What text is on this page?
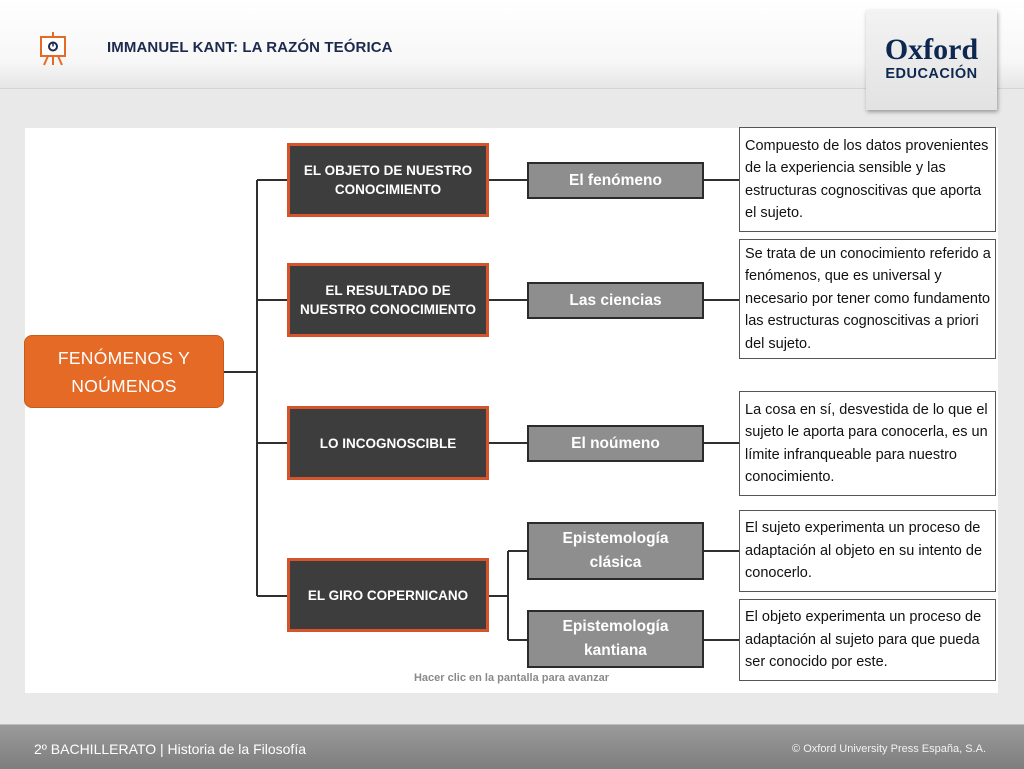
IMMANUEL KANT: LA RAZÓN TEÓRICA	Oxford
EDUCACIÓN
FENÓMENOS Y NOÚMENOS
EL OBJETO DE NUESTRO CONOCIMIENTO
EL RESULTADO DE NUESTRO CONOCIMIENTO
LO INCOGNOSCIBLE
EL GIRO COPERNICANO
El fenómeno
Las ciencias
El noúmeno
Epistemología clásica
Epistemología kantiana
Compuesto de los datos provenientes de la experiencia sensible y las estructuras cognoscitivas que aporta el sujeto.
Se trata de un conocimiento referido a fenómenos, que es universal y necesario por tener como fundamento las estructuras cognoscitivas a priori del sujeto.
La cosa en sí, desvestida de lo que el sujeto le aporta para conocerla, es un límite infranqueable para nuestro conocimiento.
El sujeto experimenta un proceso de adaptación al objeto en su intento de conocerlo.
El objeto experimenta un proceso de adaptación al sujeto para que pueda ser conocido por este.
Hacer clic en la pantalla para avanzar
2º BACHILLERATO | Historia de la Filosofía	© Oxford University Press España, S.A.
